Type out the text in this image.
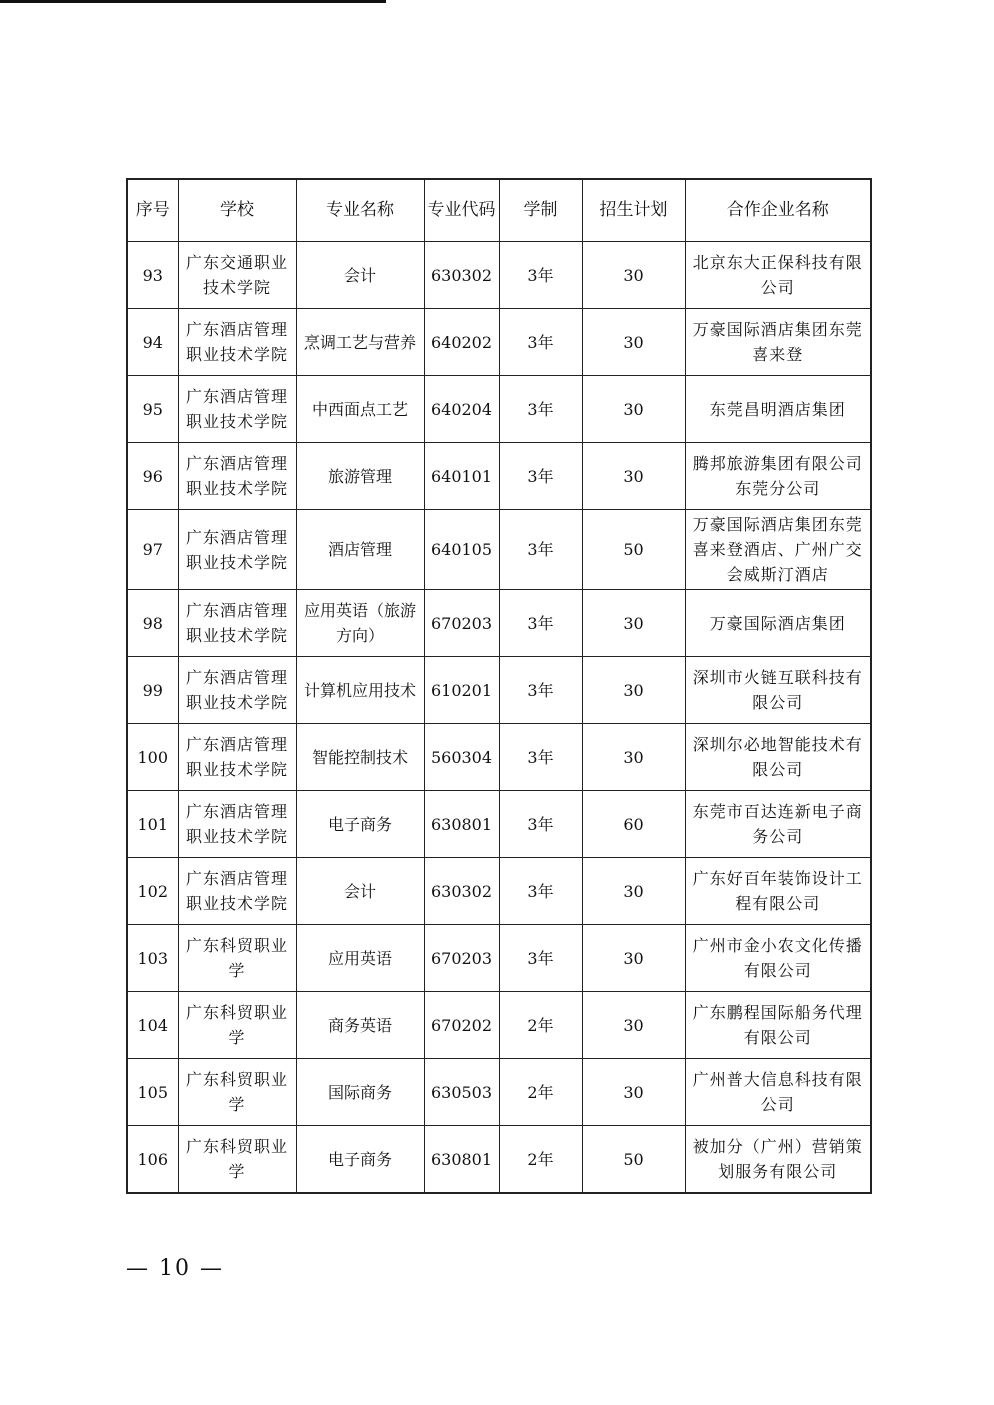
序号	学校	专业名称	专业代码	学制	招生计划	合作企业名称
93	广东交通职业技术学院	会计	630302	3年	30	北京东大正保科技有限公司
94	广东酒店管理职业技术学院	烹调工艺与营养	640202	3年	30	万豪国际酒店集团东莞喜来登
95	广东酒店管理职业技术学院	中西面点工艺	640204	3年	30	东莞昌明酒店集团
96	广东酒店管理职业技术学院	旅游管理	640101	3年	30	腾邦旅游集团有限公司东莞分公司
97	广东酒店管理职业技术学院	酒店管理	640105	3年	50	万豪国际酒店集团东莞喜来登酒店、广州广交会威斯汀酒店
98	广东酒店管理职业技术学院	应用英语（旅游方向）	670203	3年	30	万豪国际酒店集团
99	广东酒店管理职业技术学院	计算机应用技术	610201	3年	30	深圳市火链互联科技有限公司
100	广东酒店管理职业技术学院	智能控制技术	560304	3年	30	深圳尔必地智能技术有限公司
101	广东酒店管理职业技术学院	电子商务	630801	3年	60	东莞市百达连新电子商务公司
102	广东酒店管理职业技术学院	会计	630302	3年	30	广东好百年装饰设计工程有限公司
103	广东科贸职业学	应用英语	670203	3年	30	广州市金小农文化传播有限公司
104	广东科贸职业学	商务英语	670202	2年	30	广东鹏程国际船务代理有限公司
105	广东科贸职业学	国际商务	630503	2年	30	广州普大信息科技有限公司
106	广东科贸职业学	电子商务	630801	2年	50	被加分（广州）营销策划服务有限公司
— 10 —
